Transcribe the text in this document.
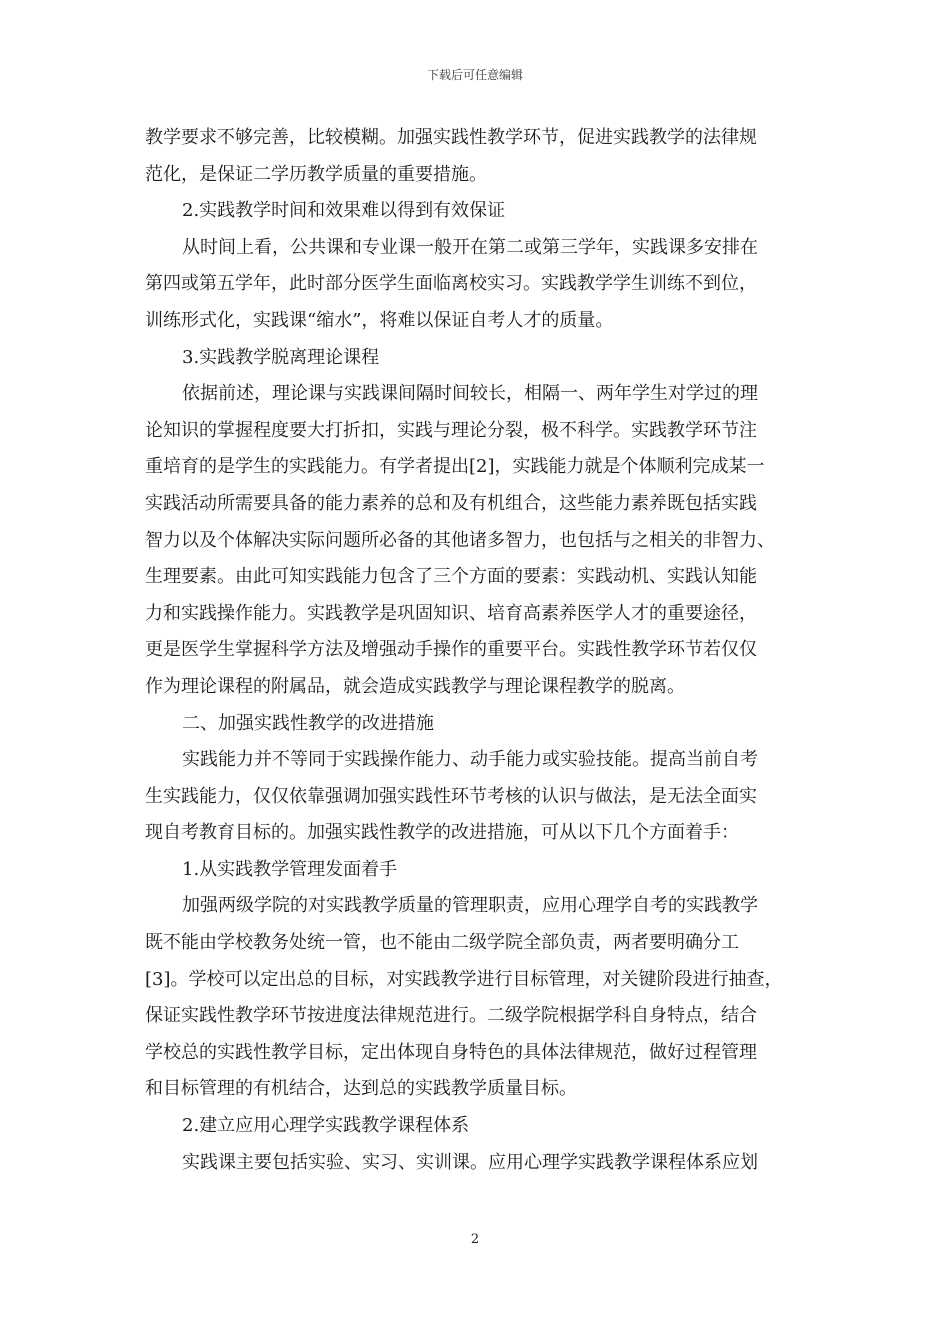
下载后可任意编辑
教学要求不够完善，比较模糊。加强实践性教学环节，促进实践教学的法律规
范化，是保证二学历教学质量的重要措施。
2.实践教学时间和效果难以得到有效保证
从时间上看，公共课和专业课一般开在第二或第三学年，实践课多安排在
第四或第五学年，此时部分医学生面临离校实习。实践教学学生训练不到位，
训练形式化，实践课“缩水”，将难以保证自考人才的质量。
3.实践教学脱离理论课程
依据前述，理论课与实践课间隔时间较长，相隔一、两年学生对学过的理
论知识的掌握程度要大打折扣，实践与理论分裂，极不科学。实践教学环节注
重培育的是学生的实践能力。有学者提出[2]，实践能力就是个体顺利完成某一
实践活动所需要具备的能力素养的总和及有机组合，这些能力素养既包括实践
智力以及个体解决实际问题所必备的其他诸多智力，也包括与之相关的非智力、
生理要素。由此可知实践能力包含了三个方面的要素：实践动机、实践认知能
力和实践操作能力。实践教学是巩固知识、培育高素养医学人才的重要途径，
更是医学生掌握科学方法及增强动手操作的重要平台。实践性教学环节若仅仅
作为理论课程的附属品，就会造成实践教学与理论课程教学的脱离。
二、加强实践性教学的改进措施
实践能力并不等同于实践操作能力、动手能力或实验技能。提高当前自考
生实践能力，仅仅依靠强调加强实践性环节考核的认识与做法，是无法全面实
现自考教育目标的。加强实践性教学的改进措施，可从以下几个方面着手：
1.从实践教学管理发面着手
加强两级学院的对实践教学质量的管理职责，应用心理学自考的实践教学
既不能由学校教务处统一管，也不能由二级学院全部负责，两者要明确分工
[3]。学校可以定出总的目标，对实践教学进行目标管理，对关键阶段进行抽查，
保证实践性教学环节按进度法律规范进行。二级学院根据学科自身特点，结合
学校总的实践性教学目标，定出体现自身特色的具体法律规范，做好过程管理
和目标管理的有机结合，达到总的实践教学质量目标。
2.建立应用心理学实践教学课程体系
实践课主要包括实验、实习、实训课。应用心理学实践教学课程体系应划
2
